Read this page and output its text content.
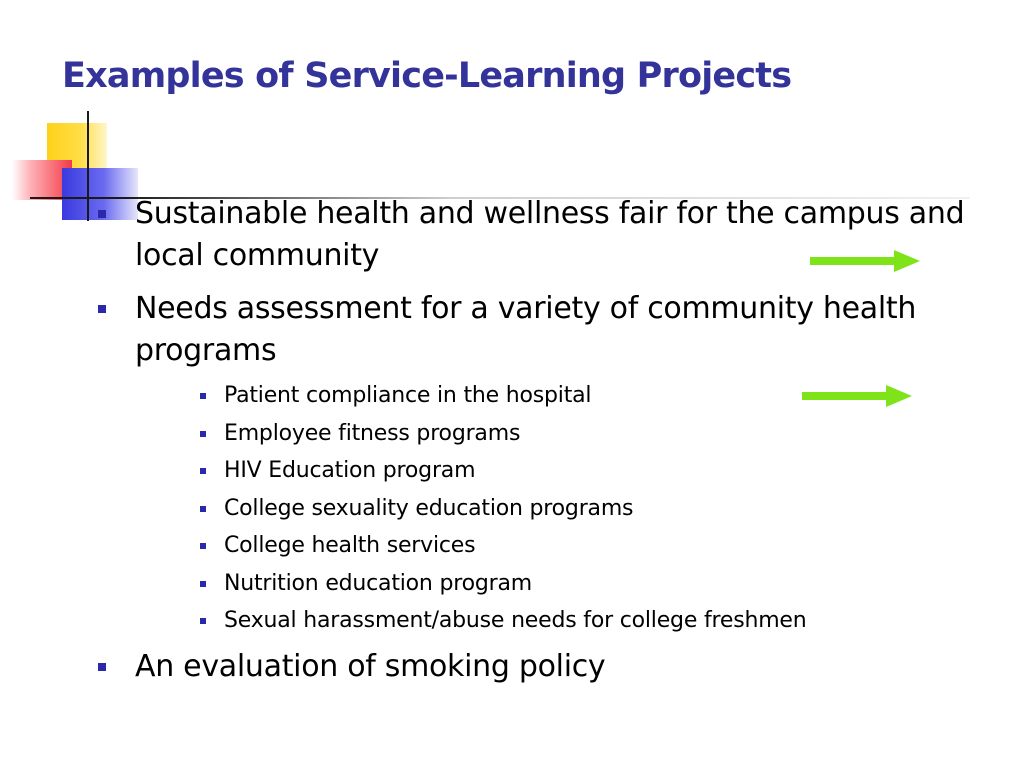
Examples of Service-Learning Projects
Sustainable health and wellness fair for the campus and local community
Needs assessment for a variety of community health programs
Patient compliance in the hospital
Employee fitness programs
HIV Education program
College sexuality education programs
College health services
Nutrition education program
Sexual harassment/abuse needs for college freshmen
An evaluation of smoking policy
